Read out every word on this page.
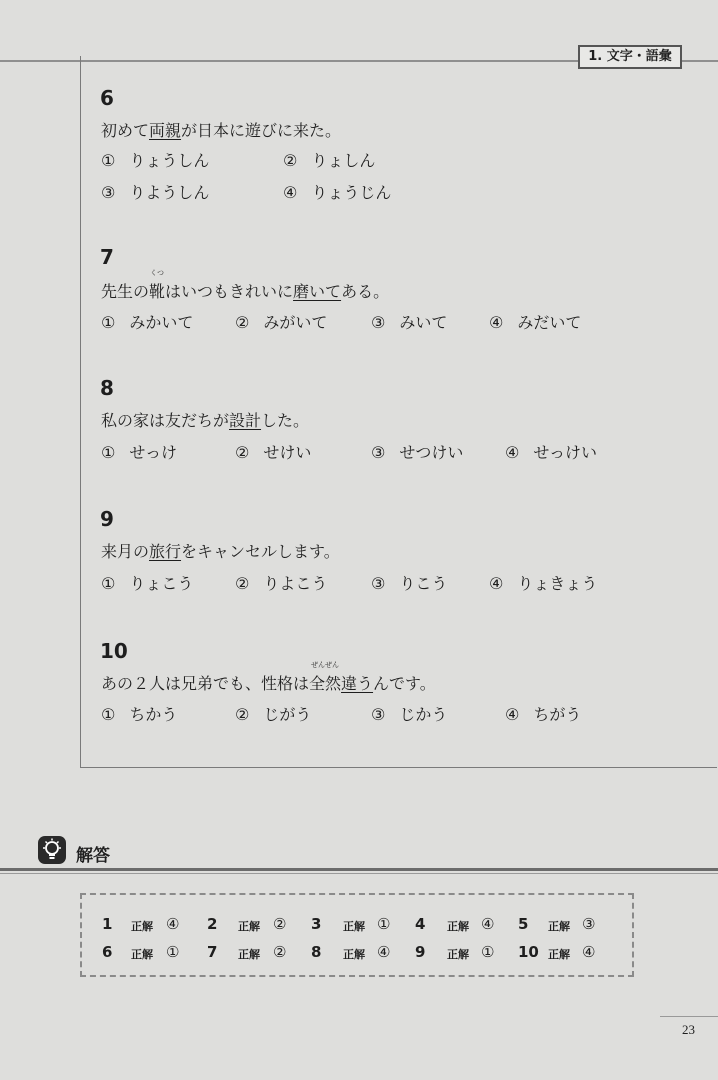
1. 文字・語彙
6
初めて両親が日本に遊びに来た。
① りょうしん	② りょしん
③ りようしん	④ りょうじん
7
先生の靴
くつ
はいつもきれいに磨いてある。
① みかいて	② みがいて	③ みいて	④ みだいて
8
私の家は友だちが設計した。
① せっけ	② せけい	③ せつけい	④ せっけい
9
来月の旅行をキャンセルします。
① りょこう	② りよこう	③ りこう	④ りょきょう
10
あの２人は兄弟でも、性格は全然
ぜんぜん
違うんです。
① ちかう	② じがう	③ じかう	④ ちがう
解答
1 正解 ④ 2 正解 ② 3 正解 ① 4 正解 ④ 5 正解 ③
6 正解 ① 7 正解 ② 8 正解 ④ 9 正解 ① 10 正解 ④
23
